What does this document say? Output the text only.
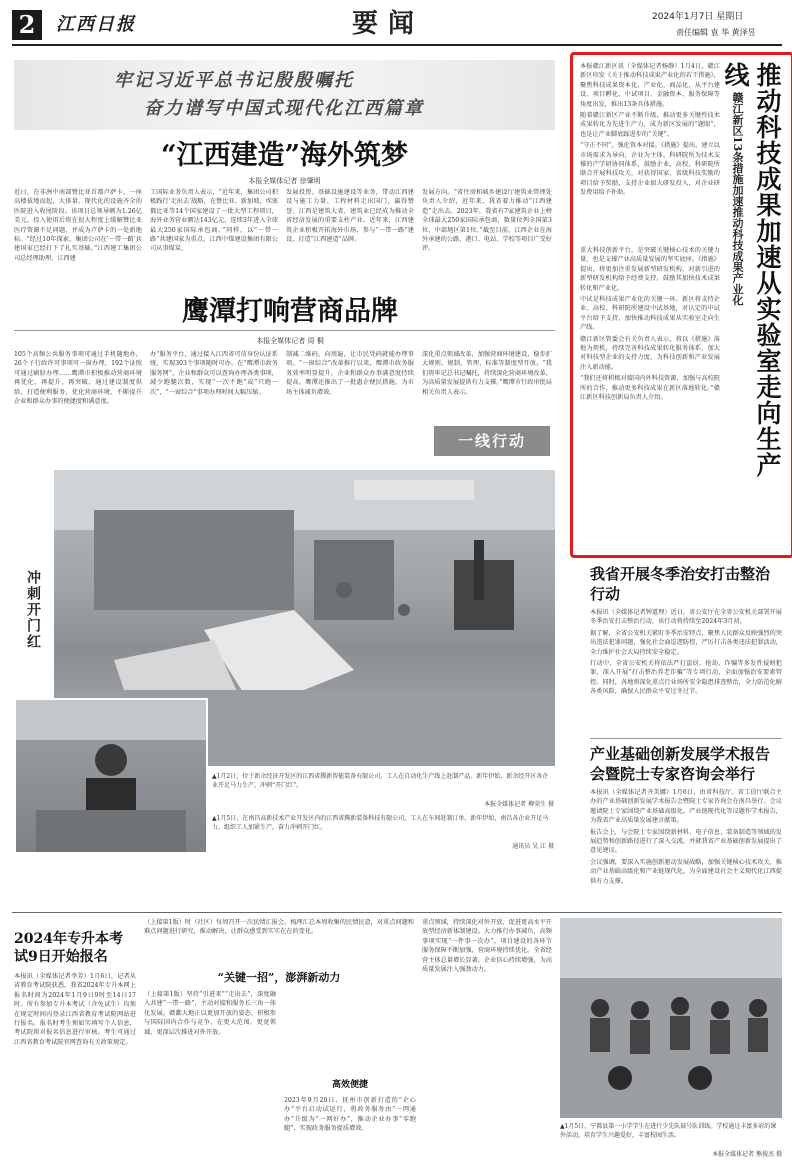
2	江西日报	要闻	2024年1月7日 星期日
责任编辑 袁 华 黄泽昱
牢记习近平总书记殷殷嘱托
奋力谱写中国式现代化江西篇章
“江西建造”海外筑梦
本报全媒体记者 徐肇明
近日，在非洲中南部赞比亚首都卢萨卡，一座高楼拔地而起，大体量、现代化的设施齐全的医院进入收尾阶段。该项目总领导额为1.26亿美元，投入使用后将在很大程度上缓解赞比亚医疗资源不足问题，并成为卢萨卡的一处新地标。“经过10年探索，集团公司在‘一带一路’共建国家已经打下了扎实基础。”江西建工集团公司总经理助理、江西建
工国际业务负责人表示，“近年来，集团公司积极践行‘走出去’战略，在赞比亚、新加坡、埃塞俄比亚等14个国家建设了一批大型工程项目，海外业务营业额达143亿元，连续3年进入全球最大250家国际承包商。”同样，以“一带一路”共建国家为重点，江西中煤建设集团有限公司从事煤炭、
发展投资、基础设施建设等业务，带动江西建设与施工力量、工程材料走出国门，赢得赞誉。江西是建筑大省，建筑业已经成为推动全省经济发展的重要支柱产业。近年来，江西建筑企业积极开拓海外市场，参与“一带一路”建设，打造“江西建造”品牌。
发展方向。“省住房和城乡建设厅建筑业管理处负责人介绍，近年来，我省着力推动“江西建造”走出去。2023年，我省有7家建筑企业上榜全球最大250家国际承包商，数量位列全国第3位，中部地区第1位。”截至目前，江西企业在海外承建的公路、港口、电站、学校等项目广受好评。
鹰潭打响营商品牌
本报全媒体记者 周 桐
105个高频公共服务事项可通过手机随地办，26个子行政许可事项可一窗办理，192个证照可通过刷脸办理……鹰潭市积极推动营商环境再优化、再提升、再突破，通过建设制度供给、打造便利服务、优化营商环境，不断提升企业和群众办事的便捷度和满意度。
办“服务平台，通过接入江西省可信身份认证系统，实现303个事项随时可办。在“鹰潭市政务服务网”，企业和群众可以查询办理各类事项，减少跑腿次数，实现“一次不跑”或“只跑一次”，“一窗综合”事项办理时间大幅压缩。
制减二维码，向周遍，让市民凭码就能办理事项。“一窗综合”改革推行以来，鹰潭市政务服务效率明显提升，企业和群众办事满意度持续提高。鹰潭还推出了一批惠企便民措施，为市场主体减负增效。
深化重点领域改革，加强营商环境建设，稳步扩大规则、规制、管理、标准等制度型开放。“我们将牢记总书记嘱托，持续深化营商环境改革，为高质量发展提供有力支撑。”鹰潭市行政审批局相关负责人表示。
一线行动
冲刺开门红
▲1月2日，位于新余经济开发区的江西省腾新智能装备有限公司，工人在自动化生产线上赶制产品。新年伊始，新余经开区各企业开足马力生产，冲刺“开门红”。
本报全媒体记者 柳荣生 摄
▲1月5日，在南昌高新技术产业开发区内的江西省腾新装备科技有限公司，工人在车间赶制订单。新年伊始，南昌各企业开足马力，组织工人加紧生产，奋力冲刺开门红。
通讯员 吴 江 摄
推动科技成果加速从实验室走向生产线
赣江新区13条措施加速推动科技成果产业化

本报赣江新区讯（全媒体记者杨静）1月4日，赣江新区印发《关于推动科技成果产业化的若干措施》，聚焦科技成果资本化、产业化、商品化，从平台建设、项目孵化、中试项目、金融资本、服务保障等角度出发，推出13条具体措施。

随着赣江新区产业不断升级，推动更多关键性技术成果转化为先进生产力，成为新区发展的“题眼”，也是让产业脚底踩进步的“关键”。

“守正不同”，强化资本对接。《措施》提出，建立以市场需求为导向，企业为主体、科研院所为技术支撑的产学研协同体系，鼓励企业、高校、科研院所联合开展科技攻关，对获得国家、省级科技奖励的项目给予奖励，支持企业加大研发投入，对企业研发费用给予补助。

重大科技创新平台，是突破关键核心技术的关键力量，也是支撑产业高质量发展的坚实底座。《措施》提出，将更加注重发展新型研发机构，对新引进的新型研发机构给予经费支持，鼓励其加快技术成果转化和产业化。

中试是科技成果产业化的关键一环。新区将支持企业、高校、科研院所建设中试基地，对认定的中试平台给予支持，加快推动科技成果从实验室走向生产线。

赣江新区管委会有关负责人表示，将以《措施》落地为契机，持续完善科技成果转化服务体系，加大对科技型企业的支持力度，为科技创新和产业发展注入新动能。

“我们还将积极对接国内外科技资源，加强与高校院所的合作，推动更多科技成果在新区落地转化。”赣江新区科技创新局负责人介绍。

我省开展冬季治安打击整治行动

本报讯（全媒体记者钟道理）近日，省公安厅在全省公安机关部署开展冬季治安打击整治行动，该行动将持续至2024年3月初。

据了解，全省公安机关紧盯冬季治安特点，聚焦人民群众反映强烈的突出违法犯罪问题，强化社会面巡逻防控，严厉打击各类违法犯罪活动，全力维护社会大局持续安全稳定。

行动中，全省公安机关将依法严打盗窃、抢劫、诈骗等多发性侵财犯罪，深入开展“打击整治养老诈骗”等专项行动，全面加强治安要素管控。同时，各地将深化重点行业场所安全隐患排查整治，全力防范化解各类风险，确保人民群众平安过冬过节。

产业基础创新发展学术报告会暨院士专家咨询会举行

本报讯（全媒体记者齐美娜）1月6日，由省科技厅、省工信厅联合主办的产业基础创新发展学术报告会暨院士专家咨询会在南昌举行。会议邀请院士专家围绕产业基础高级化、产业链现代化等议题作学术报告，为我省产业高质量发展建言献策。

报告会上，与会院士专家围绕新材料、电子信息、装备制造等领域的发展趋势和创新路径进行了深入交流，并就我省产业基础创新发展提出了意见建议。

会议强调，要深入实施创新驱动发展战略，加强关键核心技术攻关，推动产业基础高级化和产业链现代化，为全面建设社会主义现代化江西提供有力支撑。

2024年专升本考试9日开始报名
本报讯（全媒体记者李芳）1月6日，记者从省教育考试院获悉，我省2024年专升本网上报名时间为2024年1月9日9时至14日17时。所有参加专升本考试（含免试生）均须在规定时间内登录江西省教育考试院网站进行报名。报名时考生须如实填写个人信息，考试院将对报名信息进行审核。考生可通过江西省教育考试院官网查询有关政策规定。
（上接第1版）时（社区）每周召开一次民情汇报会，梳理汇总本周收集的民情民意，对重点问题和难点问题进行研究，推动解决，让群众感受到实实在在的变化。
“关键一招”，澎湃新动力
（上接第1版）坚持“引进来”“走出去”，深度融入共建“一带一路”，主动对接和服务长三角一体化发展。赣鄱大地正以更加开放的姿态，积极参与国际国内合作与竞争，在更大范围、更宽领域、更深层次推进对外开放。
高效便捷
2023年9月20日，抚州市创新打造的“企心办”平台启动试运行，将政务服务由“一网通办”升级为“一网好办”，推动企业办事“零跑腿”，实现政务服务提质增效。
重点领域，持续深化对外开放，促进更高水平开放型经济新体制建设。大力推行办事减负，高频事项实现“一件事一次办”。项目建设的各环节服务保障不断加强，营商环境持续优化。全省经营主体总量增长显著，企业信心持续增强，为高质量发展注入强劲动力。
▲1月5日，宁都县第一小学学生在进行少先队鼓号队训练。学校通过丰富多彩的课外活动，培育学生兴趣爱好，丰富校园生活。
本报全媒体记者 熊俊杰 摄
